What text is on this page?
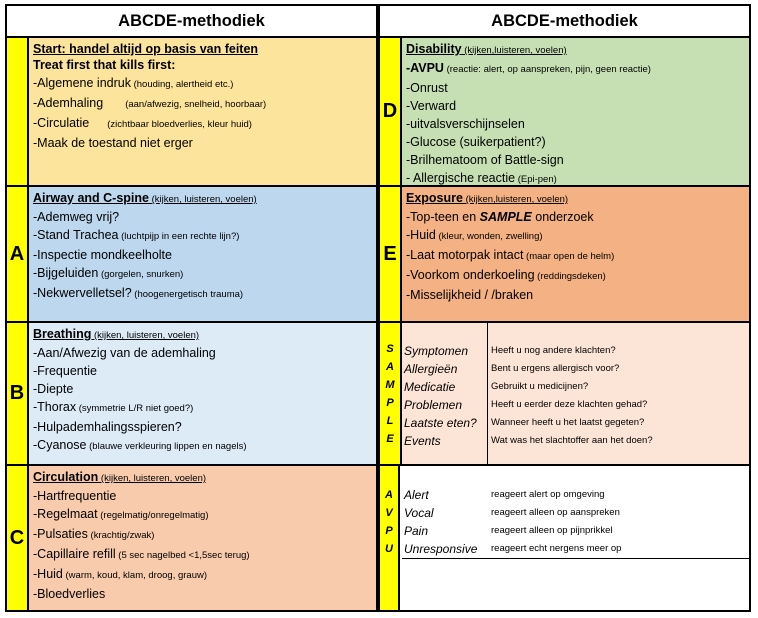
ABCDE-methodiek
Start: handel altijd op basis van feiten
Treat first that kills first:
-Algemene indruk (houding, alertheid etc.)
-Ademhaling (aan/afwezig, snelheid, hoorbaar)
-Circulatie (zichtbaar bloedverlies, kleur huid)
-Maak de toestand niet erger
A
Airway and C-spine (kijken, luisteren, voelen)
-Ademweg vrij?
-Stand Trachea (luchtpijp in een rechte lijn?)
-Inspectie mondkeelholte
-Bijgeluiden (gorgelen, snurken)
-Nekwervelletsel? (hoogenergetisch trauma)
B
Breathing (kijken, luisteren, voelen)
-Aan/Afwezig van de ademhaling
-Frequentie
-Diepte
-Thorax (symmetrie L/R niet goed?)
-Hulpademhalingsspieren?
-Cyanose (blauwe verkleuring lippen en nagels)
C
Circulation (kijken, luisteren, voelen)
-Hartfrequentie
-Regelmaat (regelmatig/onregelmatig)
-Pulsaties (krachtig/zwak)
-Capillaire refill (5 sec nagelbed <1,5sec terug)
-Huid (warm, koud, klam, droog, grauw)
-Bloedverlies
ABCDE-methodiek
D
Disability (kijken,luisteren, voelen)
-AVPU (reactie: alert, op aanspreken, pijn, geen reactie)
-Onrust
-Verward
-uitvalsverschijnselen
-Glucose (suikerpatient?)
-Brilhematoom of Battle-sign
- Allergische reactie (Epi-pen)
E
Exposure (kijken,luisteren, voelen)
-Top-teen en SAMPLE onderzoek
-Huid (kleur, wonden, zwelling)
-Laat motorpak intact (maar open de helm)
-Voorkom onderkoeling (reddingsdeken)
-Misselijkheid / /braken
S
A
M
P
L
E
Symptomen
Allergieën
Medicatie
Problemen
Laatste eten?
Events
Heeft u nog andere klachten?
Bent u ergens allergisch voor?
Gebruikt u medicijnen?
Heeft u eerder deze klachten gehad?
Wanneer heeft u het laatst gegeten?
Wat was het slachtoffer aan het doen?
A
V
P
U
Alert
Vocal
Pain
Unresponsive
reageert alert op omgeving
reageert alleen op aanspreken
reageert alleen op pijnprikkel
reageert echt nergens meer op
